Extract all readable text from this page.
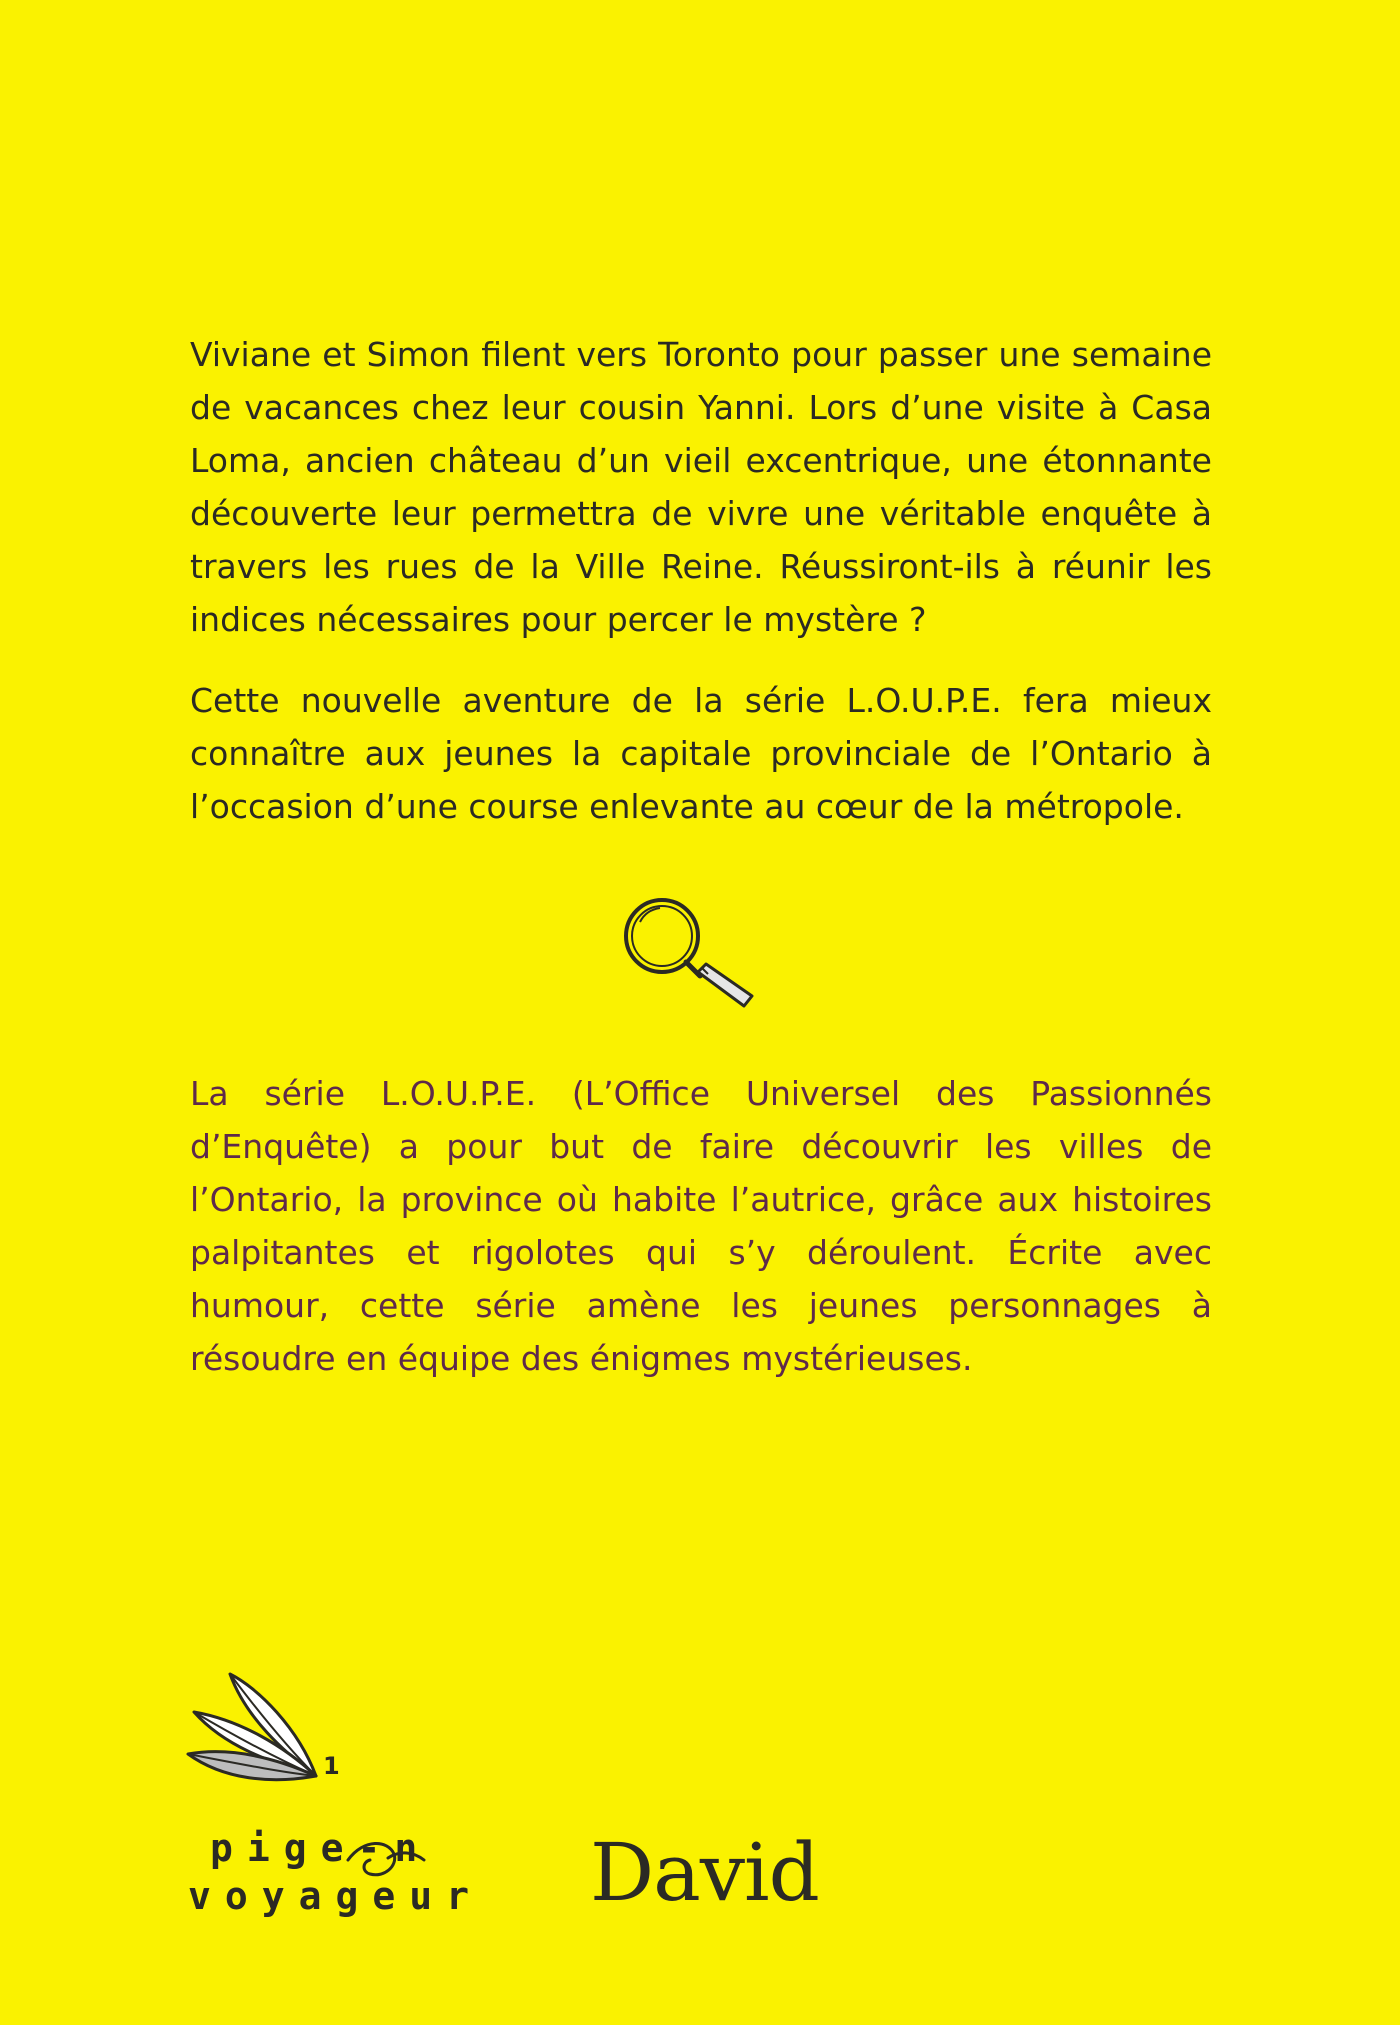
Viviane et Simon filent vers Toronto pour passer une semaine de vacances chez leur cousin Yanni. Lors d’une visite à Casa Loma, ancien château d’un vieil excentrique, une étonnante découverte leur permettra de vivre une véritable enquête à travers les rues de la Ville Reine. Réussiront-ils à réunir les indices nécessaires pour percer le mystère ?

Cette nouvelle aventure de la série L.O.U.P.E. fera mieux connaître aux jeunes la capitale provinciale de l’Ontario à l’occasion d’une course enlevante au cœur de la métropole.

La série L.O.U.P.E. (L’Office Universel des Passionnés d’Enquête) a pour but de faire découvrir les villes de l’Ontario, la province où habite l’autrice, grâce aux histoires palpitantes et rigolotes qui s’y déroulent. Écrite avec humour, cette série amène les jeunes personnages à résoudre en équipe des énigmes mystérieuses.

1
pige-n
voyageur David
